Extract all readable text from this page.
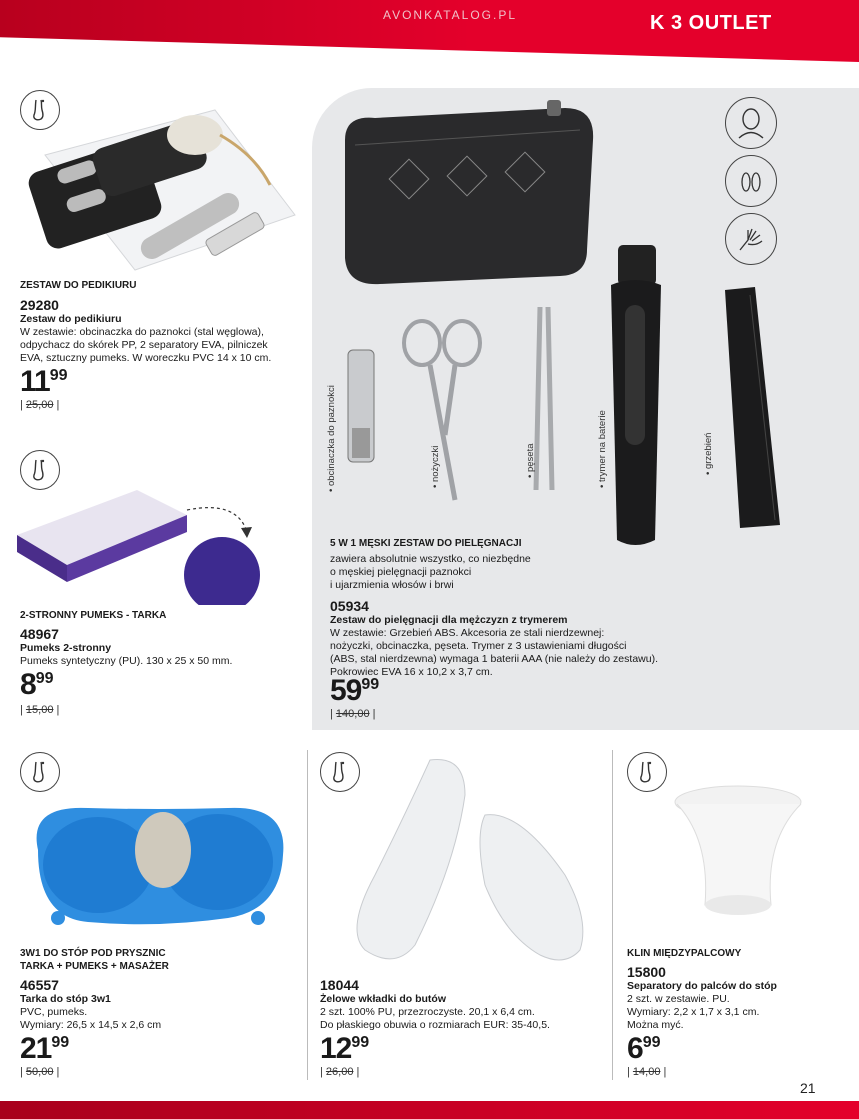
AVONKATALOG.PL	K 3 OUTLET
ZESTAW DO PEDIKIURU
29280
Zestaw do pedikiuru
W zestawie: obcinaczka do paznokci (stal węglowa),
odpychacz do skórek PP, 2 separatory EVA, pilniczek
EVA, sztuczny pumeks. W woreczku PVC 14 x 10 cm.
$11^{99}$
| 25,00 |
2-STRONNY PUMEKS - TARKA
48967
Pumeks 2-stronny
Pumeks syntetyczny (PU). 130 x 25 x 50 mm.
$8^{99}$
| 15,00 |
• obcinaczka do paznokci	• nożyczki	• pęseta	• trymer na baterie	• grzebień
5 W 1 MĘSKI ZESTAW DO PIELĘGNACJI
zawiera absolutnie wszystko, co niezbędne
o męskiej pielęgnacji paznokci
i ujarzmienia włosów i brwi
05934
Zestaw do pielęgnacji dla mężczyzn z trymerem
W zestawie: Grzebień ABS. Akcesoria ze stali nierdzewnej:
nożyczki, obcinaczka, pęseta. Trymer z 3 ustawieniami długości
(ABS, stal nierdzewna) wymaga 1 baterii AAA (nie należy do zestawu).
Pokrowiec EVA 16 x 10,2 x 3,7 cm.
$59^{99}$
| 140,00 |
3W1 DO STÓP POD PRYSZNIC
TARKA + PUMEKS + MASAŻER
46557
Tarka do stóp 3w1
PVC, pumeks.
Wymiary: 26,5 x 14,5 x 2,6 cm
$21^{99}$
| 50,00 |
18044
Żelowe wkładki do butów
2 szt. 100% PU, przezroczyste. 20,1 x 6,4 cm.
Do płaskiego obuwia o rozmiarach EUR: 35-40,5.
$12^{99}$
| 26,00 |
KLIN MIĘDZYPALCOWY
15800
Separatory do palców do stóp
2 szt. w zestawie. PU.
Wymiary: 2,2 x 1,7 x 3,1 cm.
Można myć.
$6^{99}$
| 14,00 |
21
